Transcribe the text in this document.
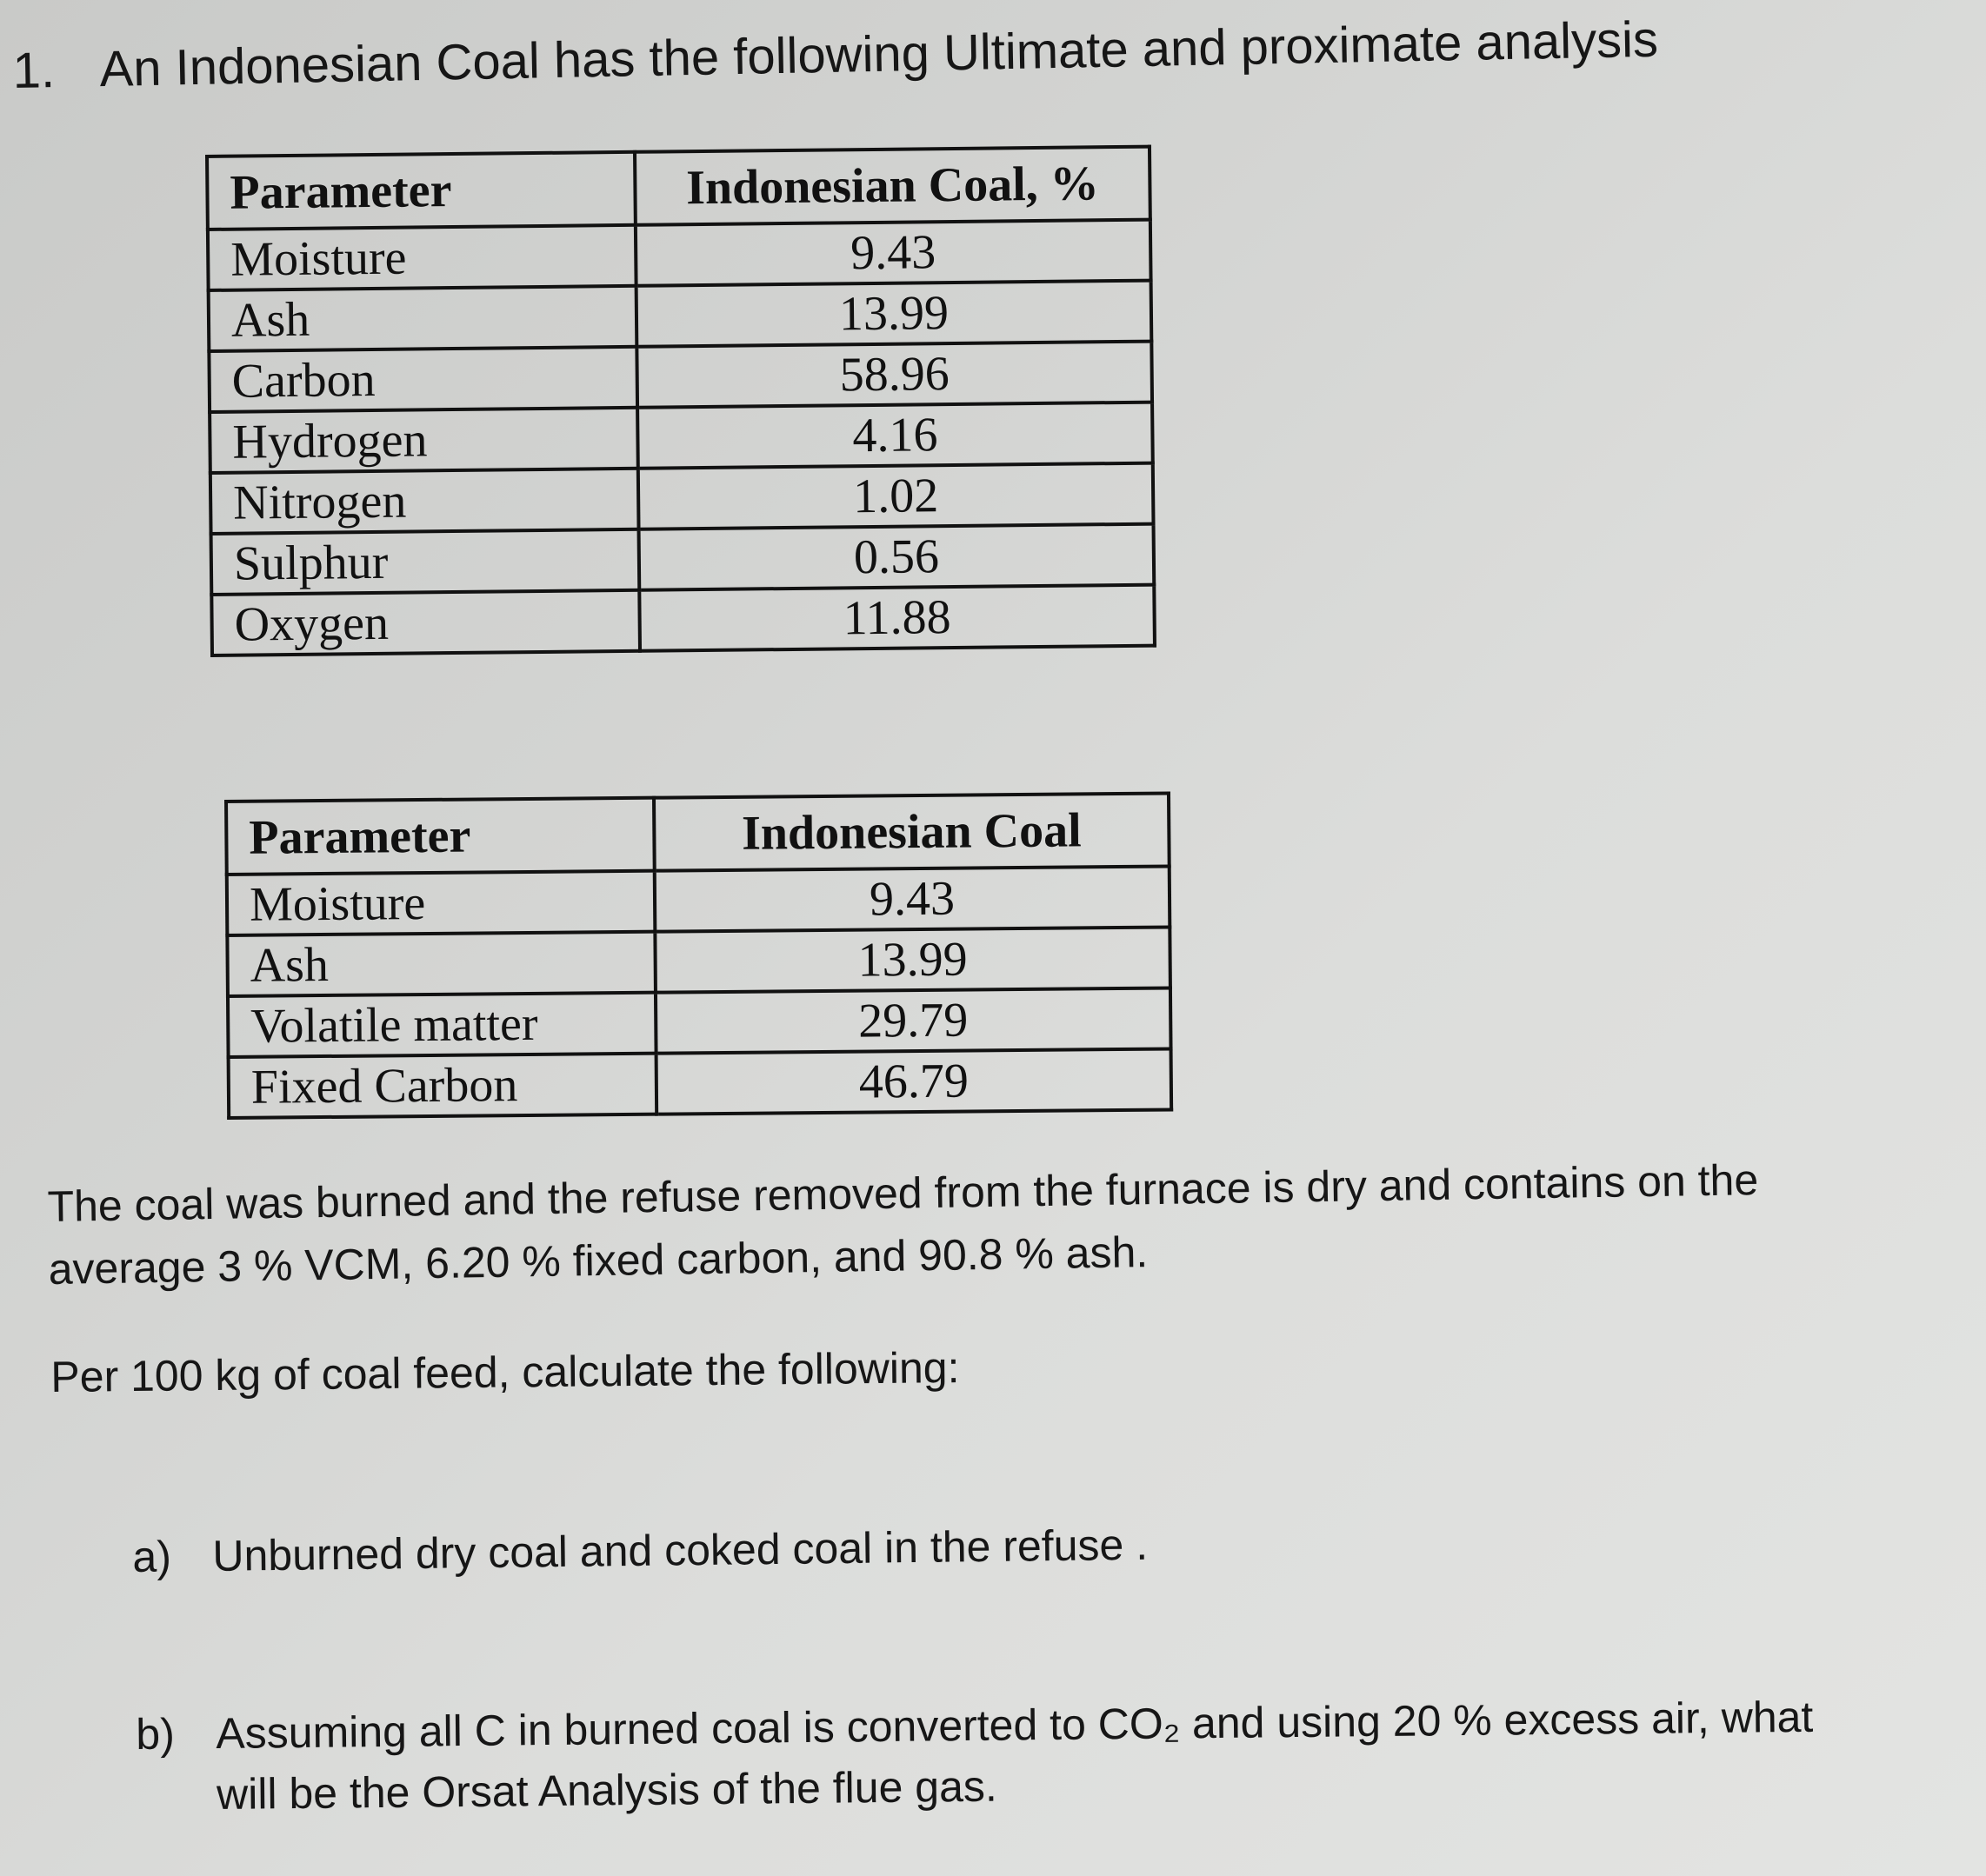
1. An Indonesian Coal has the following Ultimate and proximate analysis
Parameter	Indonesian Coal, %
Moisture	9.43
Ash	13.99
Carbon	58.96
Hydrogen	4.16
Nitrogen	1.02
Sulphur	0.56
Oxygen	11.88
Parameter	Indonesian Coal
Moisture	9.43
Ash	13.99
Volatile matter	29.79
Fixed Carbon	46.79
The coal was burned and the refuse removed from the furnace is dry and contains on the average 3 % VCM, 6.20 % fixed carbon, and 90.8 % ash.
Per 100 kg of coal feed, calculate the following:
a) Unburned dry coal and coked coal in the refuse .
b) Assuming all C in burned coal is converted to CO₂ and using 20 % excess air, what will be the Orsat Analysis of the flue gas.
